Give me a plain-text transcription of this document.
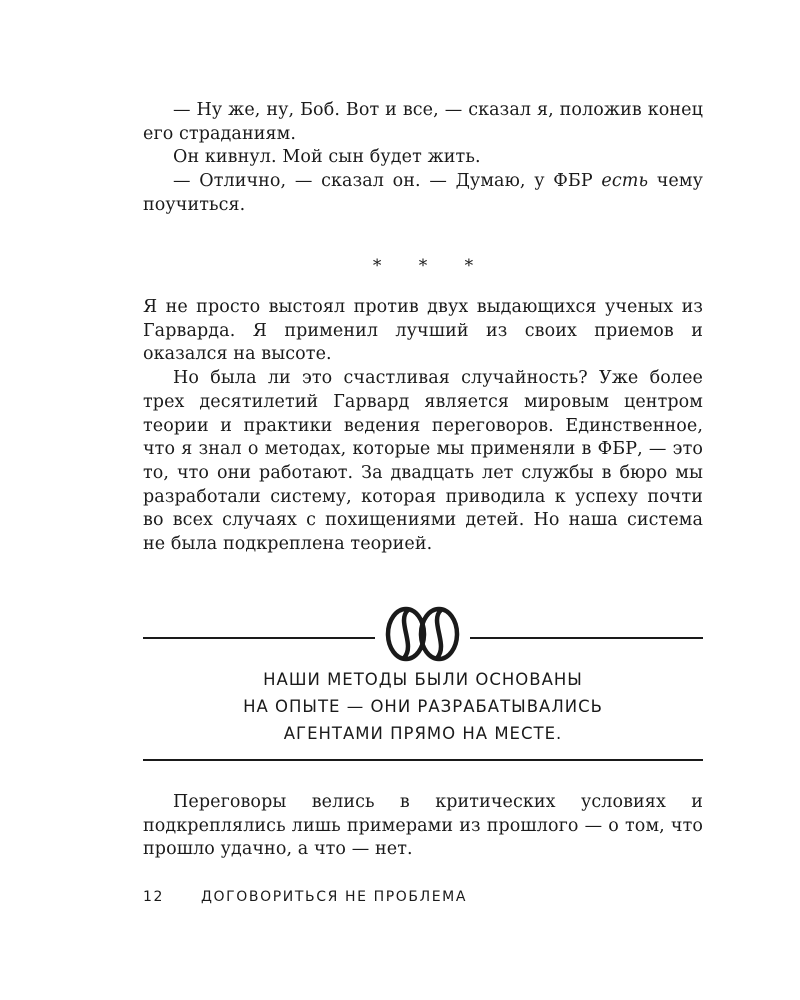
— Ну же, ну, Боб. Вот и все, — сказал я, положив конец его страданиям.

Он кивнул. Мой сын будет жить.

— Отлично, — сказал он. — Думаю, у ФБР есть чему поучиться.

* * *

Я не просто выстоял против двух выдающихся ученых из Гарварда. Я применил лучший из своих приемов и оказался на высоте.

Но была ли это счастливая случайность? Уже более трех десятилетий Гарвард является мировым центром теории и практики ведения переговоров. Единственное, что я знал о методах, которые мы применяли в ФБР, — это то, что они работают. За двадцать лет службы в бюро мы разработали систему, которая приводила к успеху почти во всех случаях с похищениями детей. Но наша система не была подкреплена теорией.

НАШИ МЕТОДЫ БЫЛИ ОСНОВАНЫ
НА ОПЫТЕ — ОНИ РАЗРАБАТЫВАЛИСЬ
АГЕНТАМИ ПРЯМО НА МЕСТЕ.

Переговоры велись в критических условиях и подкреплялись лишь примерами из прошлого — о том, что прошло удачно, а что — нет.

12	ДОГОВОРИТЬСЯ НЕ ПРОБЛЕМА
